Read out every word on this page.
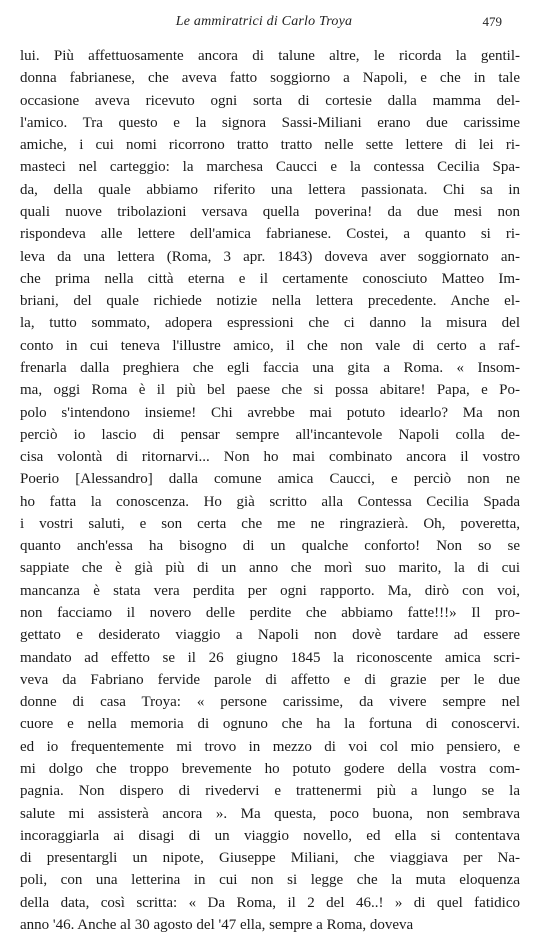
Le ammiratrici di Carlo Troya	479
lui. Più affettuosamente ancora di talune altre, le ricorda la gentil-
donna fabrianese, che aveva fatto soggiorno a Napoli, e che in tale
occasione aveva ricevuto ogni sorta di cortesie dalla mamma del-
l'amico. Tra questo e la signora Sassi-Miliani erano due carissime
amiche, i cui nomi ricorrono tratto tratto nelle sette lettere di lei ri-
masteci nel carteggio: la marchesa Caucci e la contessa Cecilia Spa-
da, della quale abbiamo riferito una lettera passionata. Chi sa in
quali nuove tribolazioni versava quella poverina! da due mesi non
rispondeva alle lettere dell'amica fabrianese. Costei, a quanto si ri-
leva da una lettera (Roma, 3 apr. 1843) doveva aver soggiornato an-
che prima nella città eterna e il certamente conosciuto Matteo Im-
briani, del quale richiede notizie nella lettera precedente. Anche el-
la, tutto sommato, adopera espressioni che ci danno la misura del
conto in cui teneva l'illustre amico, il che non vale di certo a raf-
frenarla dalla preghiera che egli faccia una gita a Roma. « Insom-
ma, oggi Roma è il più bel paese che si possa abitare! Papa, e Po-
polo s'intendono insieme! Chi avrebbe mai potuto idearlo? Ma non
perciò io lascio di pensar sempre all'incantevole Napoli colla de-
cisa volontà di ritornarvi... Non ho mai combinato ancora il vostro
Poerio [Alessandro] dalla comune amica Caucci, e perciò non ne
ho fatta la conoscenza. Ho già scritto alla Contessa Cecilia Spada
i vostri saluti, e son certa che me ne ringrazierà. Oh, poveretta,
quanto anch'essa ha bisogno di un qualche conforto! Non so se
sappiate che è già più di un anno che morì suo marito, la di cui
mancanza è stata vera perdita per ogni rapporto. Ma, dirò con voi,
non facciamo il novero delle perdite che abbiamo fatte!!!» Il pro-
gettato e desiderato viaggio a Napoli non dovè tardare ad essere
mandato ad effetto se il 26 giugno 1845 la riconoscente amica scri-
veva da Fabriano fervide parole di affetto e di grazie per le due
donne di casa Troya: « persone carissime, da vivere sempre nel
cuore e nella memoria di ognuno che ha la fortuna di conoscervi.
ed io frequentemente mi trovo in mezzo di voi col mio pensiero, e
mi dolgo che troppo brevemente ho potuto godere della vostra com-
pagnia. Non dispero di rivedervi e trattenermi più a lungo se la
salute mi assisterà ancora ». Ma questa, poco buona, non sembrava
incoraggiarla ai disagi di un viaggio novello, ed ella si contentava
di presentargli un nipote, Giuseppe Miliani, che viaggiava per Na-
poli, con una letterina in cui non si legge che la muta eloquenza
della data, così scritta: « Da Roma, il 2 del 46..! » di quel fatidico
anno '46. Anche al 30 agosto del '47 ella, sempre a Roma, doveva
